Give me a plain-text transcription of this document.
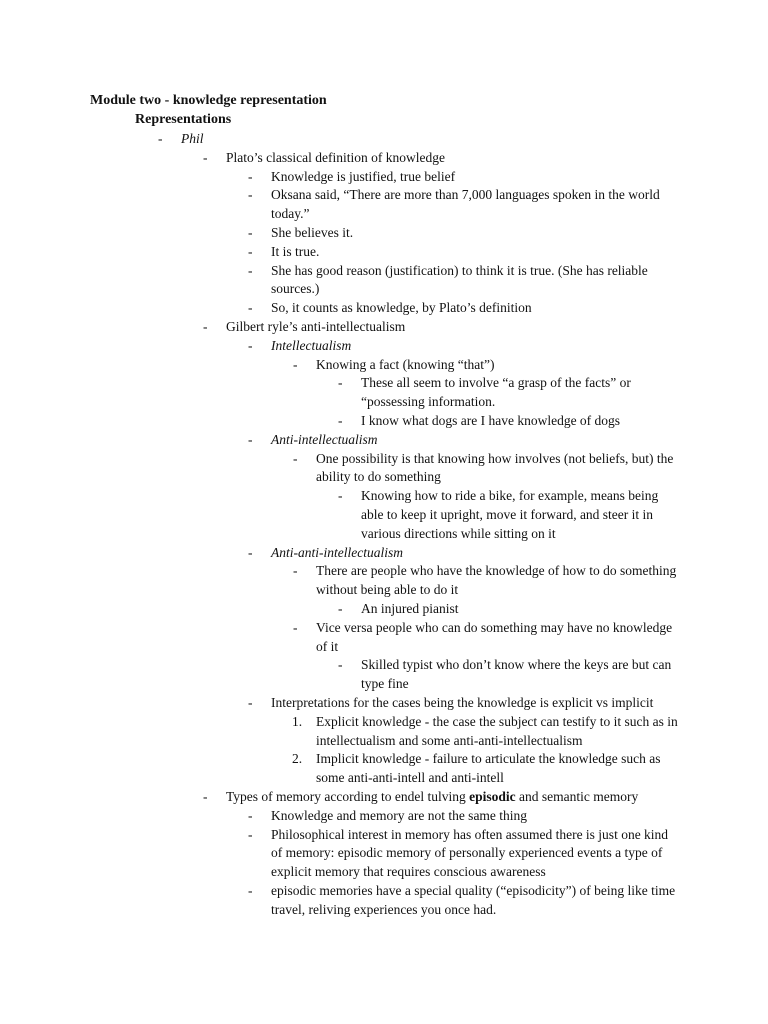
Module two - knowledge representation
Representations
- Phil
- Plato’s classical definition of knowledge
- Knowledge is justified, true belief
- Oksana said, “There are more than 7,000 languages spoken in the world today.”
- She believes it.
- It is true.
- She has good reason (justification) to think it is true. (She has reliable sources.)
- So, it counts as knowledge, by Plato’s definition
- Gilbert ryle’s anti-intellectualism
- Intellectualism
- Knowing a fact (knowing “that”)
- These all seem to involve “a grasp of the facts” or “possessing information.
- I know what dogs are I have knowledge of dogs
- Anti-intellectualism
- One possibility is that knowing how involves (not beliefs, but) the ability to do something
- Knowing how to ride a bike, for example, means being able to keep it upright, move it forward, and steer it in various directions while sitting on it
- Anti-anti-intellectualism
- There are people who have the knowledge of how to do something without being able to do it
- An injured pianist
- Vice versa people who can do something may have no knowledge of it
- Skilled typist who don’t know where the keys are but can type fine
- Interpretations for the cases being the knowledge is explicit vs implicit
1. Explicit knowledge - the case the subject can testify to it such as in intellectualism and some anti-anti-intellectualism
2. Implicit knowledge - failure to articulate the knowledge such as some anti-anti-intell and anti-intell
- Types of memory according to endel tulving episodic and semantic memory
- Knowledge and memory are not the same thing
- Philosophical interest in memory has often assumed there is just one kind of memory: episodic memory of personally experienced events a type of explicit memory that requires conscious awareness
- episodic memories have a special quality (“episodicity”) of being like time travel, reliving experiences you once had.
